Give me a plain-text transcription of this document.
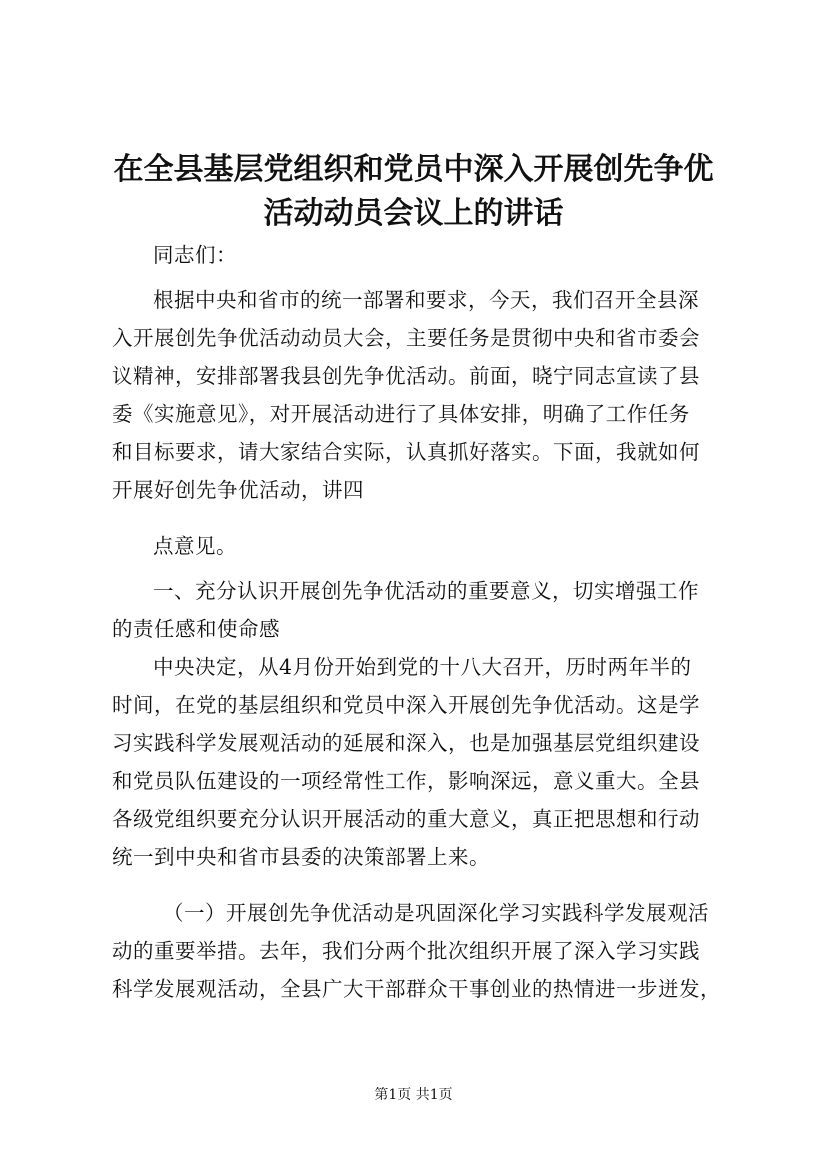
在全县基层党组织和党员中深入开展创先争优
活动动员会议上的讲话
同志们：
根据中央和省市的统一部署和要求，今天，我们召开全县深
入开展创先争优活动动员大会，主要任务是贯彻中央和省市委会
议精神，安排部署我县创先争优活动。前面，晓宁同志宣读了县
委《实施意见》，对开展活动进行了具体安排，明确了工作任务
和目标要求，请大家结合实际，认真抓好落实。下面，我就如何
开展好创先争优活动，讲四
点意见。
一、充分认识开展创先争优活动的重要意义，切实增强工作
的责任感和使命感
中央决定，从4月份开始到党的十八大召开，历时两年半的
时间，在党的基层组织和党员中深入开展创先争优活动。这是学
习实践科学发展观活动的延展和深入，也是加强基层党组织建设
和党员队伍建设的一项经常性工作，影响深远，意义重大。全县
各级党组织要充分认识开展活动的重大意义，真正把思想和行动
统一到中央和省市县委的决策部署上来。
（一）开展创先争优活动是巩固深化学习实践科学发展观活
动的重要举措。去年，我们分两个批次组织开展了深入学习实践
科学发展观活动，全县广大干部群众干事创业的热情进一步迸发，
第1页 共1页
